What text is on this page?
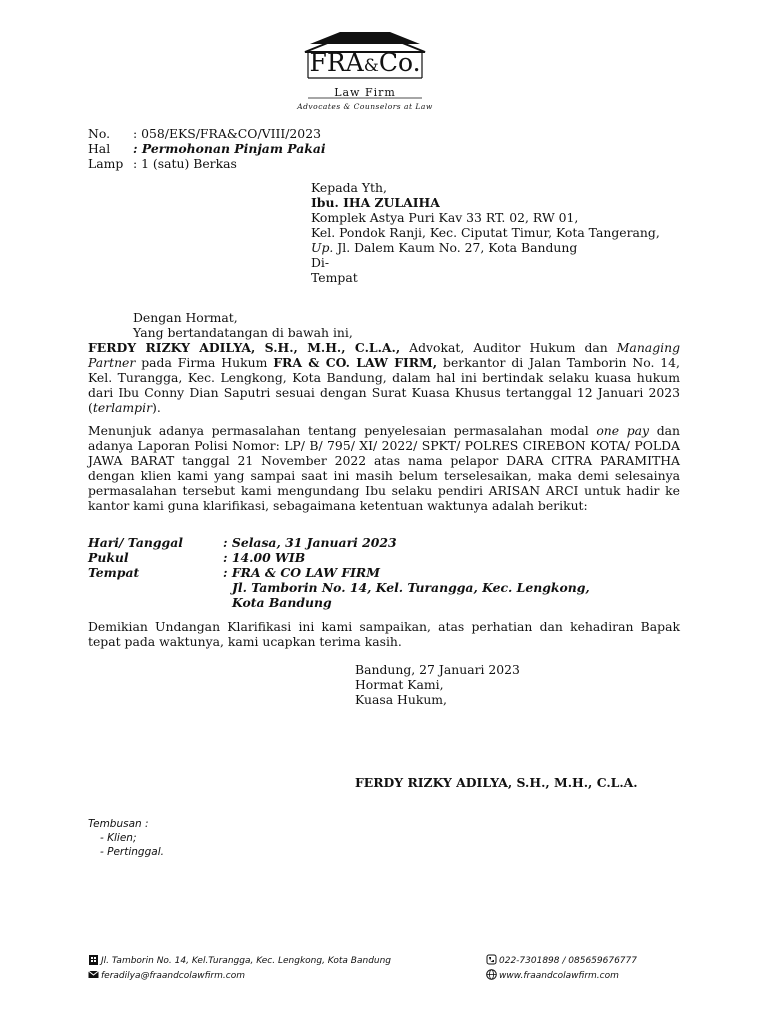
FRA&Co.
Law Firm
Advocates & Counselors at Law
No.	: 058/EKS/FRA&CO/VIII/2023
Hal	: Permohonan Pinjam Pakai
Lamp	: 1 (satu) Berkas
Kepada Yth,
Ibu. IHA ZULAIHA
Komplek Astya Puri Kav 33 RT. 02, RW 01,
Kel. Pondok Ranji, Kec. Ciputat Timur, Kota Tangerang,
Up. Jl. Dalem Kaum No. 27, Kota Bandung
Di-
Tempat
Dengan Hormat,
Yang bertandatangan di bawah ini,
FERDY RIZKY ADILYA, S.H., M.H., C.L.A., Advokat, Auditor Hukum dan Managing Partner pada Firma Hukum FRA & CO. LAW FIRM, berkantor di Jalan Tamborin No. 14, Kel. Turangga, Kec. Lengkong, Kota Bandung, dalam hal ini bertindak selaku kuasa hukum dari Ibu Conny Dian Saputri sesuai dengan Surat Kuasa Khusus tertanggal 12 Januari 2023 (terlampir).
Menunjuk adanya permasalahan tentang penyelesaian permasalahan modal one pay dan adanya Laporan Polisi Nomor: LP/ B/ 795/ XI/ 2022/ SPKT/ POLRES CIREBON KOTA/ POLDA JAWA BARAT tanggal 21 November 2022 atas nama pelapor DARA CITRA PARAMITHA dengan klien kami yang sampai saat ini masih belum terselesaikan, maka demi selesainya permasalahan tersebut kami mengundang Ibu selaku pendiri ARISAN ARCI untuk hadir ke kantor kami guna klarifikasi, sebagaimana ketentuan waktunya adalah berikut:
Hari/ Tanggal	: Selasa, 31 Januari 2023
Pukul	: 14.00 WIB
Tempat	: FRA & CO LAW FIRM
	Jl. Tamborin No. 14, Kel. Turangga, Kec. Lengkong,
	Kota Bandung
Demikian Undangan Klarifikasi ini kami sampaikan, atas perhatian dan kehadiran Bapak tepat pada waktunya, kami ucapkan terima kasih.
Bandung, 27 Januari 2023
Hormat Kami,
Kuasa Hukum,
FERDY RIZKY ADILYA, S.H., M.H., C.L.A.
Tembusan :
- Klien;
- Pertinggal.
Jl. Tamborin No. 14, Kel.Turangga, Kec. Lengkong, Kota Bandung
feradilya@fraandcolawfirm.com
022-7301898 / 085659676777
www.fraandcolawfirm.com
